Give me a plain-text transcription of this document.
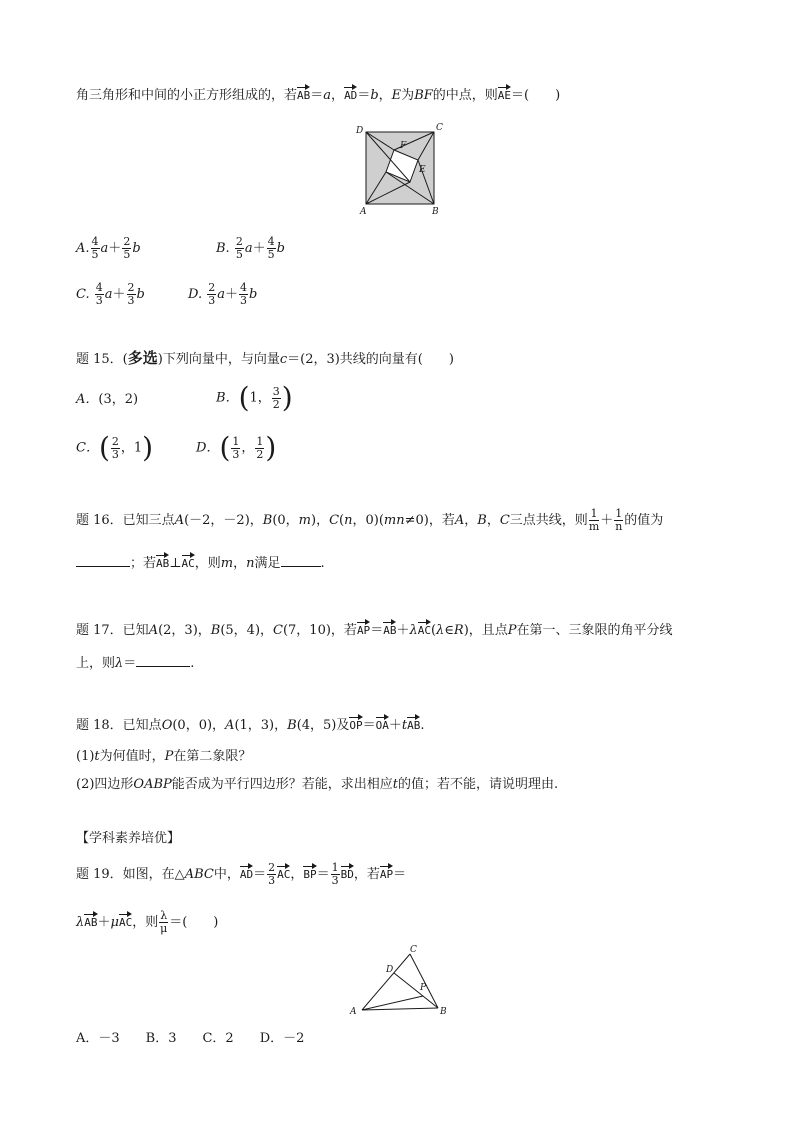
角三角形和中间的小正方形组成的，若AB＝a，AD＝b，E为BF的中点，则AE＝(　　)
D	C
F
E
A	B
A. $\frac{4}{5} a+ \frac{2}{5}$ b	B. $\frac{2}{5} a+ \frac{4}{5}$ b
C. $\frac{4}{3} a+ \frac{2}{3}$ b	D. $\frac{2}{3} a+ \frac{4}{3}$ b
题 15．(多选)下列向量中，与向量c＝(2，3)共线的向量有(　　)
A．(3，2)	B．(1， $\frac{3}{2}$ )
C．( $\frac{2}{3}$ ，1)	D．( $\frac{1}{3}$ ， $\frac{1}{2}$ )
题 16．已知三点A(－2，－2)，B(0，m)，C(n，0)(mn≠0)，若A，B，C三点共线，则 $\frac{1}{m} + \frac{1}{n}$ 的值为
；若AB⊥AC，则m，n满足	.
题 17．已知A(2，3)，B(5，4)，C(7，10)，若AP＝AB＋λAC(λ∈R)，且点P在第一、三象限的角平分线
上，则λ＝	.
题 18．已知点O(0，0)，A(1，3)，B(4，5)及OP＝OA＋tAB.
(1)t为何值时，P在第二象限？
(2)四边形OABP能否成为平行四边形？若能，求出相应t的值；若不能，请说明理由.
【学科素养培优】
题 19．如图，在△ABC中，$AD= \frac{2}{3}$ AC，$BP= \frac{1}{3}$ BD，若AP＝
λAB＋μAC，则 $\frac{\lambda}{\mu}$ ＝(　　)
C
D
P
A	B
A．－3　　B．3　　C．2　　D．－2
